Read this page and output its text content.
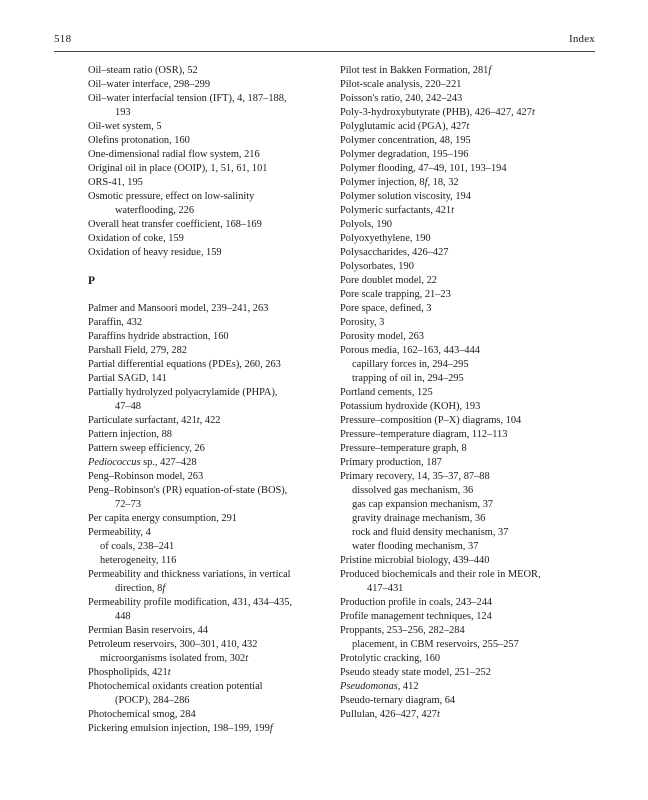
518	Index
Oil–steam ratio (OSR), 52
Oil–water interface, 298–299
Oil–water interfacial tension (IFT), 4, 187–188,
193
Oil-wet system, 5
Olefins protonation, 160
One-dimensional radial flow system, 216
Original oil in place (OOIP), 1, 51, 61, 101
ORS-41, 195
Osmotic pressure, effect on low-salinity
waterflooding, 226
Overall heat transfer coefficient, 168–169
Oxidation of coke, 159
Oxidation of heavy residue, 159
P
Palmer and Mansoori model, 239–241, 263
Paraffin, 432
Paraffins hydride abstraction, 160
Parshall Field, 279, 282
Partial differential equations (PDEs), 260, 263
Partial SAGD, 141
Partially hydrolyzed polyacrylamide (PHPA),
47–48
Particulate surfactant, 421t, 422
Pattern injection, 88
Pattern sweep efficiency, 26
Pediococcus sp., 427–428
Peng–Robinson model, 263
Peng–Robinson's (PR) equation-of-state (BOS),
72–73
Per capita energy consumption, 291
Permeability, 4
of coals, 238–241
heterogeneity, 116
Permeability and thickness variations, in vertical
direction, 8f
Permeability profile modification, 431, 434–435,
448
Permian Basin reservoirs, 44
Petroleum reservoirs, 300–301, 410, 432
microorganisms isolated from, 302t
Phospholipids, 421t
Photochemical oxidants creation potential
(POCP), 284–286
Photochemical smog, 284
Pickering emulsion injection, 198–199, 199f
Pilot test in Bakken Formation, 281f
Pilot-scale analysis, 220–221
Poisson's ratio, 240, 242–243
Poly-3-hydroxybutyrate (PHB), 426–427, 427t
Polyglutamic acid (PGA), 427t
Polymer concentration, 48, 195
Polymer degradation, 195–196
Polymer flooding, 47–49, 101, 193–194
Polymer injection, 8f, 18, 32
Polymer solution viscosity, 194
Polymeric surfactants, 421t
Polyols, 190
Polyoxyethylene, 190
Polysaccharides, 426–427
Polysorbates, 190
Pore doublet model, 22
Pore scale trapping, 21–23
Pore space, defined, 3
Porosity, 3
Porosity model, 263
Porous media, 162–163, 443–444
capillary forces in, 294–295
trapping of oil in, 294–295
Portland cements, 125
Potassium hydroxide (KOH), 193
Pressure–composition (P–X) diagrams, 104
Pressure–temperature diagram, 112–113
Pressure–temperature graph, 8
Primary production, 187
Primary recovery, 14, 35–37, 87–88
dissolved gas mechanism, 36
gas cap expansion mechanism, 37
gravity drainage mechanism, 36
rock and fluid density mechanism, 37
water flooding mechanism, 37
Pristine microbial biology, 439–440
Produced biochemicals and their role in MEOR,
417–431
Production profile in coals, 243–244
Profile management techniques, 124
Proppants, 253–256, 282–284
placement, in CBM reservoirs, 255–257
Protolytic cracking, 160
Pseudo steady state model, 251–252
Pseudomonas, 412
Pseudo-ternary diagram, 64
Pullulan, 426–427, 427t
